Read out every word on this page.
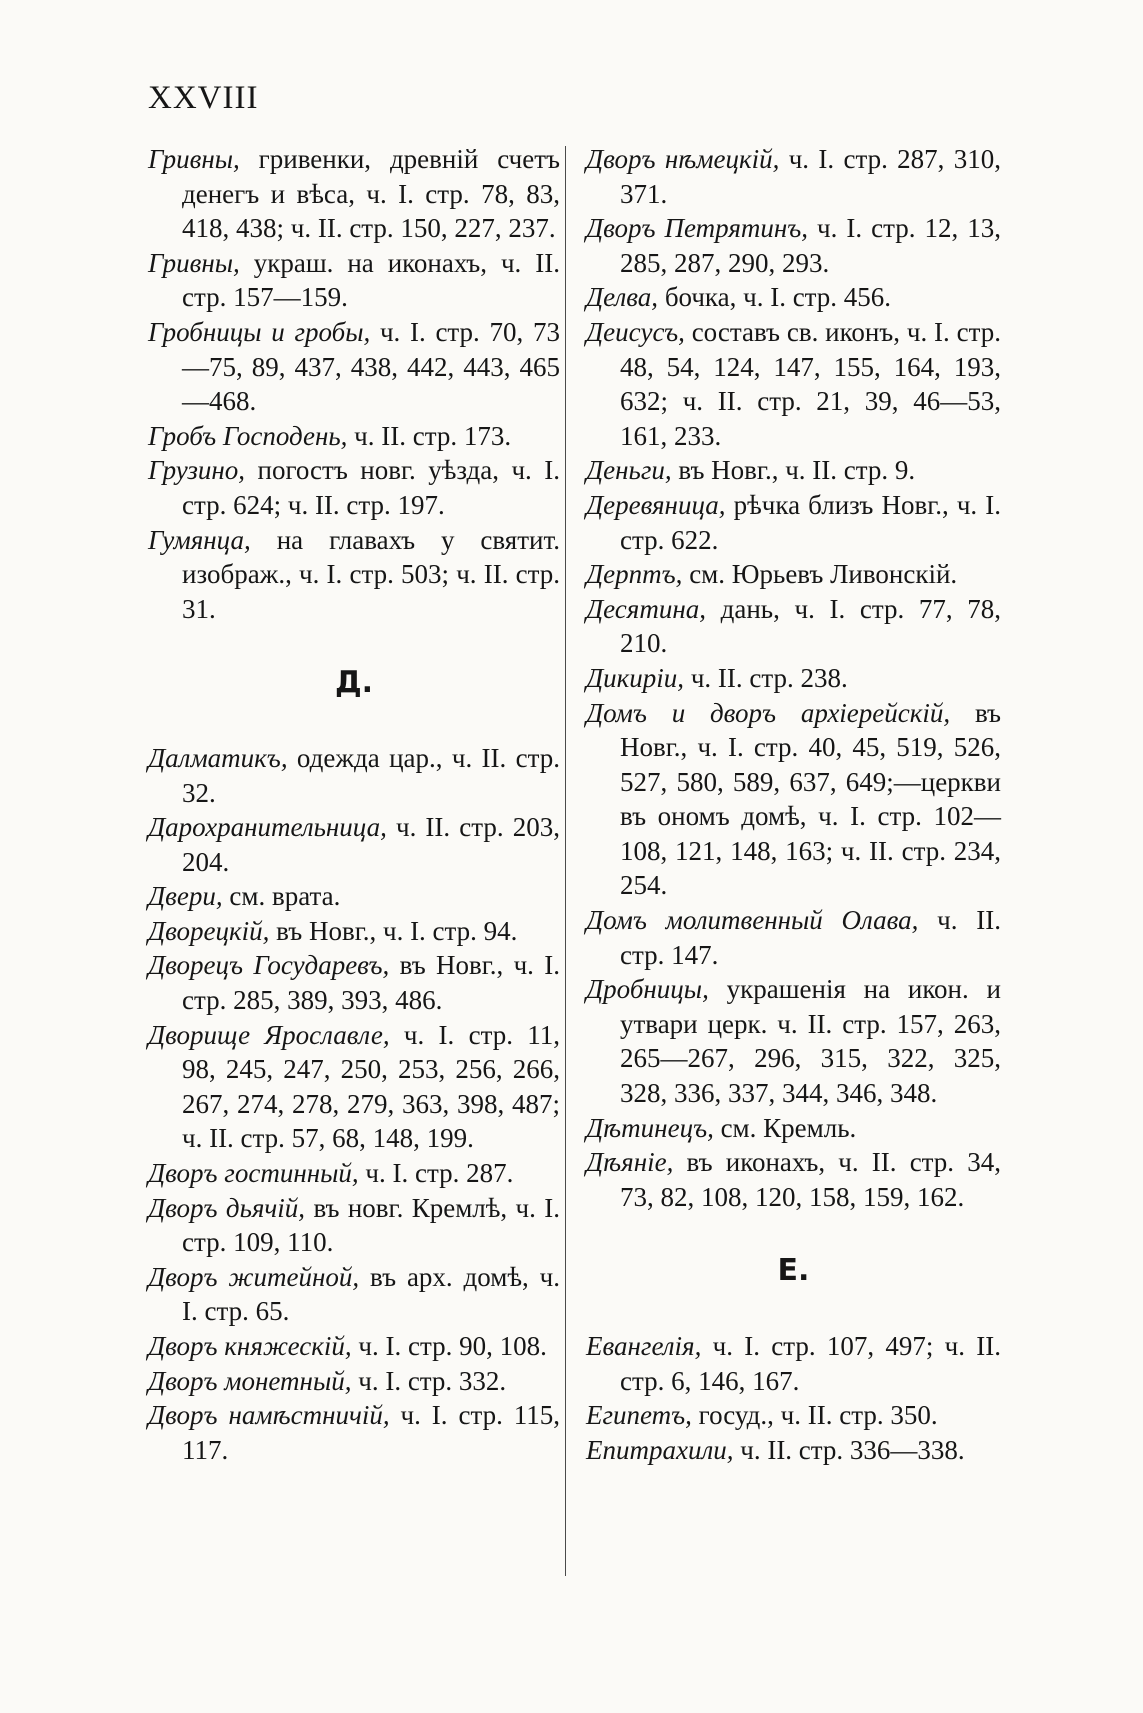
XXVIII

Гривны, гривенки, древній счетъ денегъ и вѣса, ч. I. стр. 78, 83, 418, 438; ч. II. стр. 150, 227, 237.

Гривны, украш. на иконахъ, ч. II. стр. 157—159.

Гробницы и гробы, ч. I. стр. 70, 73—75, 89, 437, 438, 442, 443, 465—468.

Гробъ Господень, ч. II. стр. 173.

Грузино, погостъ новг. уѣзда, ч. I. стр. 624; ч. II. стр. 197.

Гумянца, на главахъ у святит. изображ., ч. I. стр. 503; ч. II. стр. 31.

Д.

Далматикъ, одежда цар., ч. II. стр. 32.

Дарохранительница, ч. II. стр. 203, 204.

Двери, см. врата.

Дворецкій, въ Новг., ч. I. стр. 94.

Дворецъ Государевъ, въ Новг., ч. I. стр. 285, 389, 393, 486.

Дворище Ярославле, ч. I. стр. 11, 98, 245, 247, 250, 253, 256, 266, 267, 274, 278, 279, 363, 398, 487; ч. II. стр. 57, 68, 148, 199.

Дворъ гостинный, ч. I. стр. 287.

Дворъ дьячій, въ новг. Кремлѣ, ч. I. стр. 109, 110.

Дворъ житейной, въ арх. домѣ, ч. I. стр. 65.

Дворъ княжескій, ч. I. стр. 90, 108.

Дворъ монетный, ч. I. стр. 332.

Дворъ намѣстничій, ч. I. стр. 115, 117.

Дворъ нѣмецкій, ч. I. стр. 287, 310, 371.

Дворъ Петрятинъ, ч. I. стр. 12, 13, 285, 287, 290, 293.

Делва, бочка, ч. I. стр. 456.

Деисусъ, составъ св. иконъ, ч. I. стр. 48, 54, 124, 147, 155, 164, 193, 632; ч. II. стр. 21, 39, 46—53, 161, 233.

Деньги, въ Новг., ч. II. стр. 9.

Деревяница, рѣчка близъ Новг., ч. I. стр. 622.

Дерптъ, см. Юрьевъ Ливонскій.

Десятина, дань, ч. I. стр. 77, 78, 210.

Дикиріи, ч. II. стр. 238.

Домъ и дворъ архіерейскій, въ Новг., ч. I. стр. 40, 45, 519, 526, 527, 580, 589, 637, 649;—церкви въ ономъ домѣ, ч. I. стр. 102—108, 121, 148, 163; ч. II. стр. 234, 254.

Домъ молитвенный Олава, ч. II. стр. 147.

Дробницы, украшенія на икон. и утвари церк. ч. II. стр. 157, 263, 265—267, 296, 315, 322, 325, 328, 336, 337, 344, 346, 348.

Дѣтинецъ, см. Кремль.

Дѣяніе, въ иконахъ, ч. II. стр. 34, 73, 82, 108, 120, 158, 159, 162.

Е.

Евангелія, ч. I. стр. 107, 497; ч. II. стр. 6, 146, 167.

Египетъ, госуд., ч. II. стр. 350.

Епитрахили, ч. II. стр. 336—338.
